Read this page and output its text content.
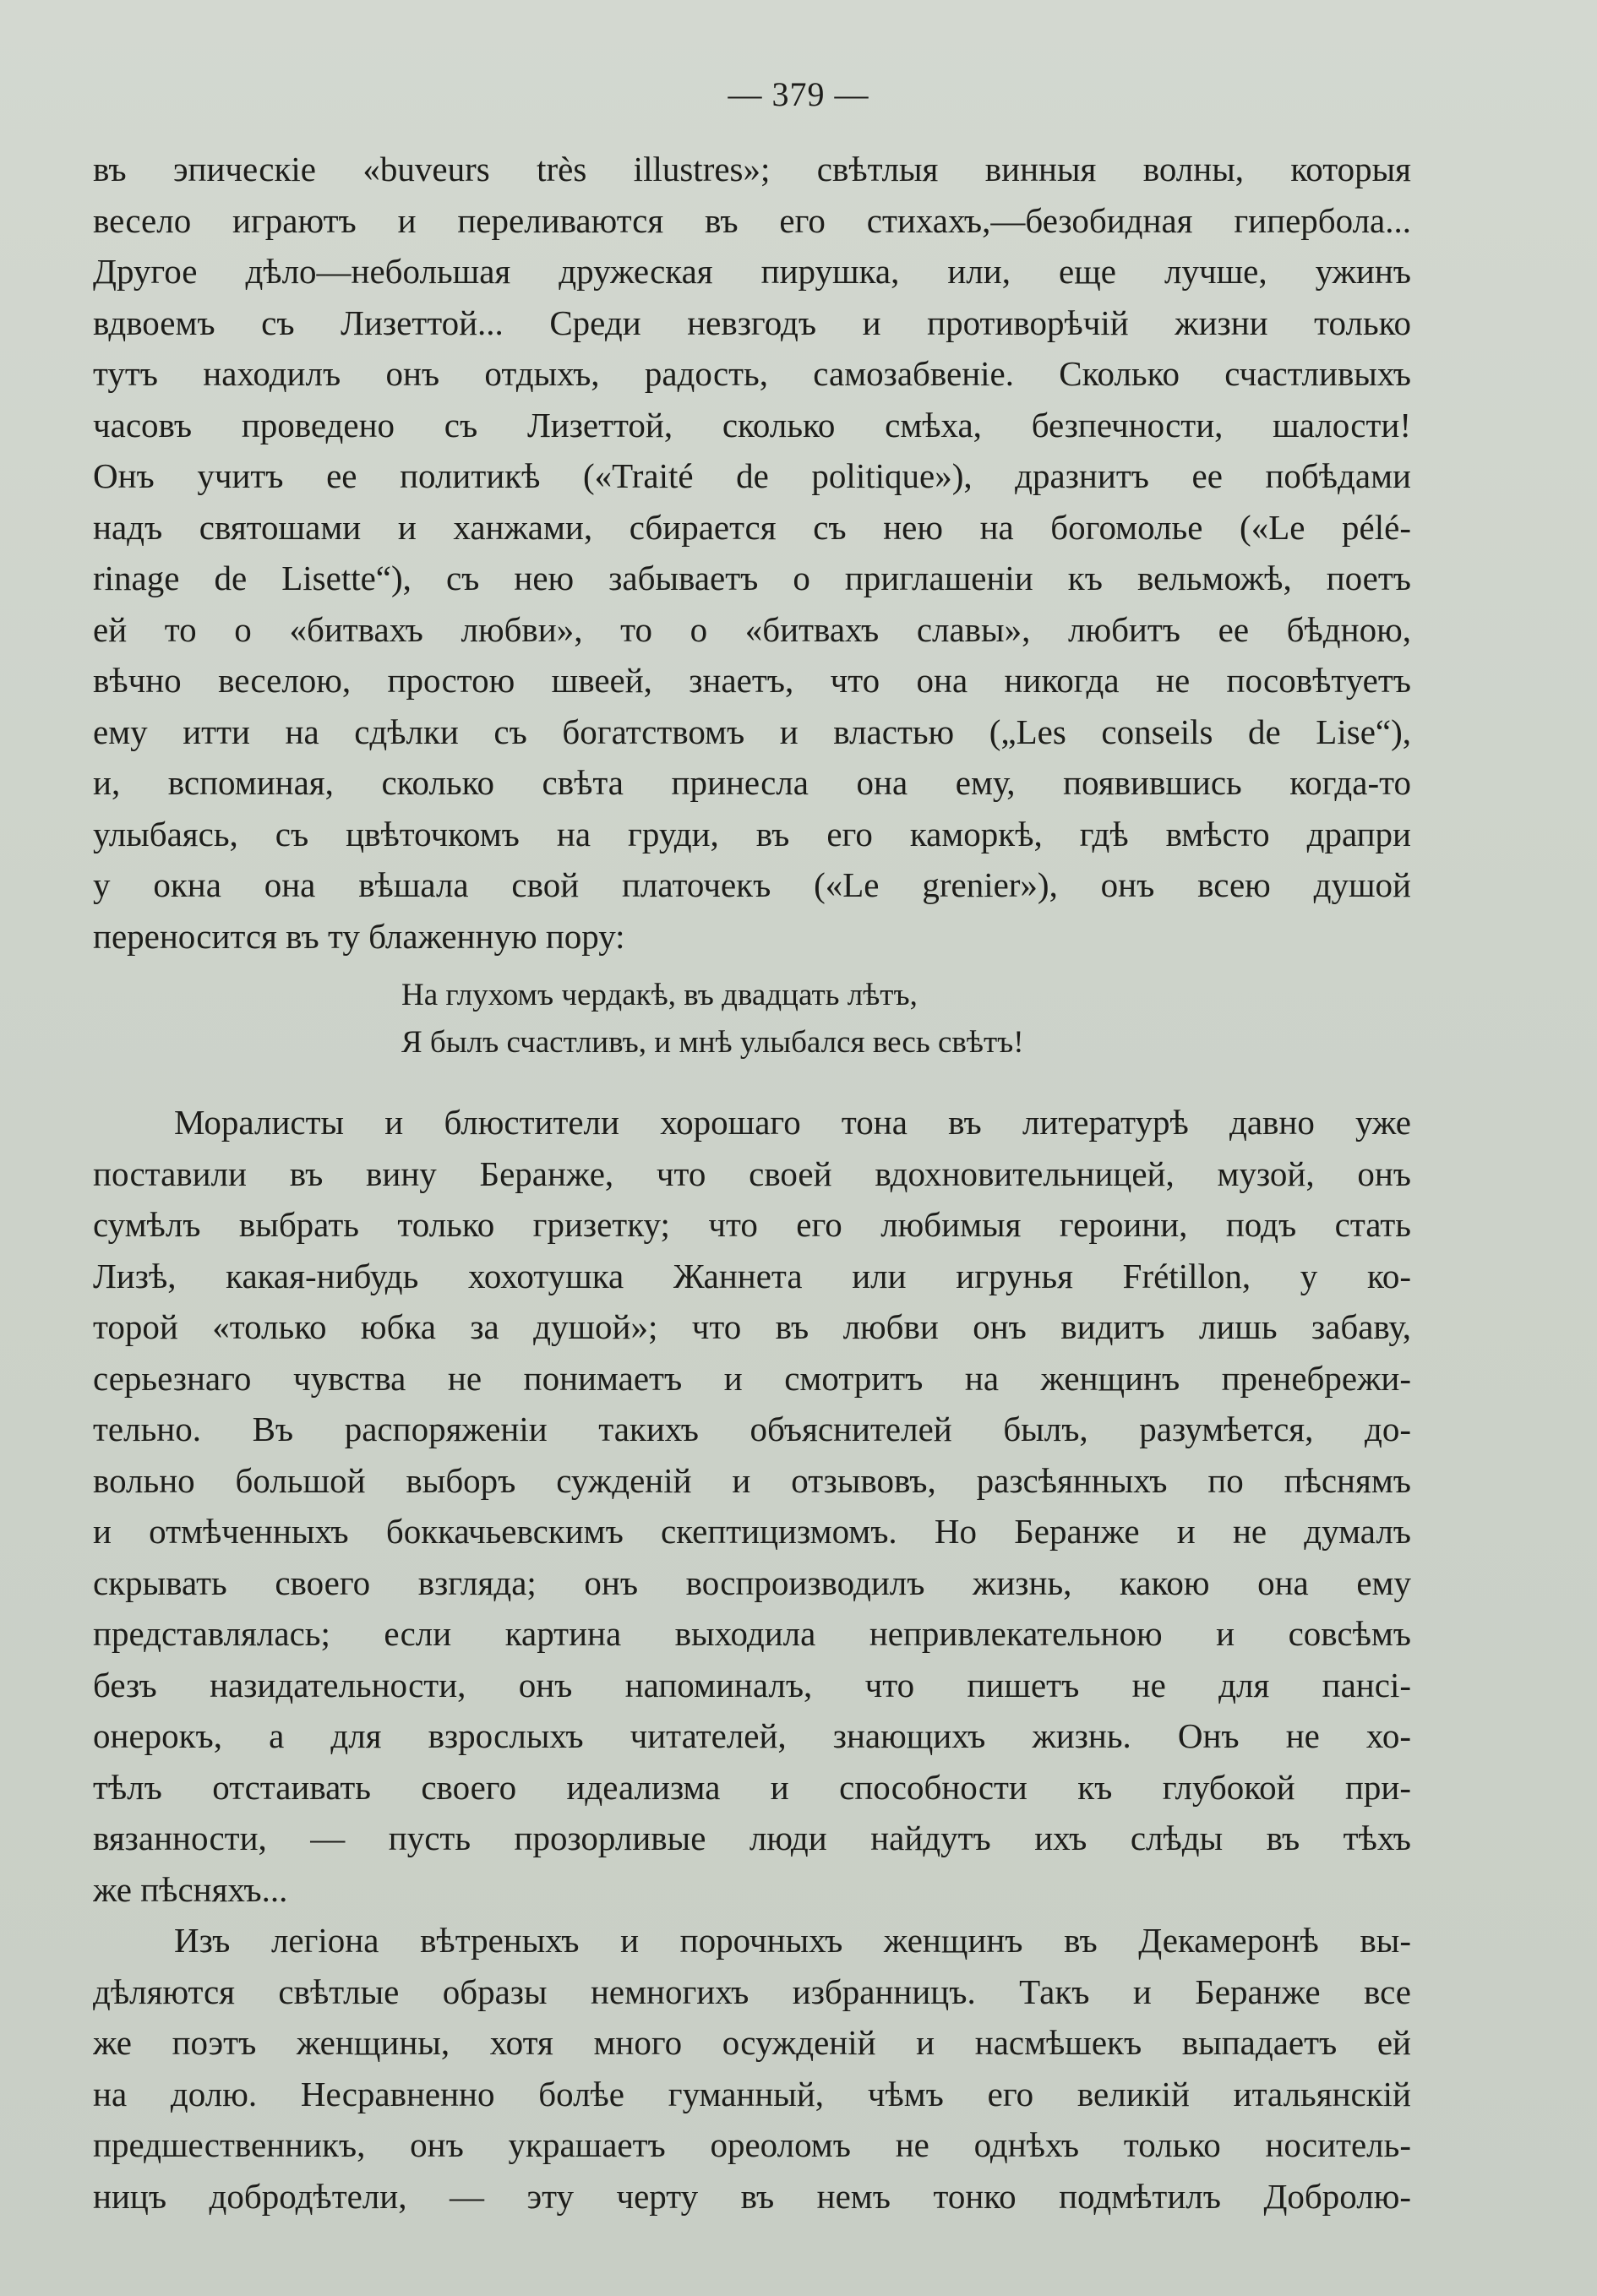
— 379 —

въ эпическіе «buveurs très illustres»; свѣтлыя винныя волны, которыя
весело играютъ и переливаются въ его стихахъ,—безобидная гипербола...
Другое дѣло—небольшая дружеская пирушка, или, еще лучше, ужинъ
вдвоемъ съ Лизеттой... Среди невзгодъ и противорѣчій жизни только
тутъ находилъ онъ отдыхъ, радость, самозабвеніе. Сколько счастливыхъ
часовъ проведено съ Лизеттой, сколько смѣха, безпечности, шалости!
Онъ учитъ ее политикѣ («Traité de politique»), дразнитъ ее побѣдами
надъ святошами и ханжами, сбирается съ нею на богомолье («Le pélé-
rinage de Lisette“), съ нею забываетъ о приглашеніи къ вельможѣ, поетъ
ей то о «битвахъ любви», то о «битвахъ славы», любитъ ее бѣдною,
вѣчно веселою, простою швеей, знаетъ, что она никогда не посовѣтуетъ
ему итти на сдѣлки съ богатствомъ и властью („Les conseils de Lise“),
и, вспоминая, сколько свѣта принесла она ему, появившись когда-то
улыбаясь, съ цвѣточкомъ на груди, въ его каморкѣ, гдѣ вмѣсто драпри
у окна она вѣшала свой платочекъ («Le grenier»), онъ всею душой
переносится въ ту блаженную пору:

На глухомъ чердакѣ, въ двадцать лѣтъ,
Я былъ счастливъ, и мнѣ улыбался весь свѣтъ!

Моралисты и блюстители хорошаго тона въ литературѣ давно уже
поставили въ вину Беранже, что своей вдохновительницей, музой, онъ
сумѣлъ выбрать только гризетку; что его любимыя героини, подъ стать
Лизѣ, какая-нибудь хохотушка Жаннета или игрунья Frétillon, у ко-
торой «только юбка за душой»; что въ любви онъ видитъ лишь забаву,
серьезнаго чувства не понимаетъ и смотритъ на женщинъ пренебрежи-
тельно. Въ распоряженіи такихъ объяснителей былъ, разумѣется, до-
вольно большой выборъ сужденій и отзывовъ, разсѣянныхъ по пѣснямъ
и отмѣченныхъ боккачьевскимъ скептицизмомъ. Но Беранже и не думалъ
скрывать своего взгляда; онъ воспроизводилъ жизнь, какою она ему
представлялась; если картина выходила непривлекательною и совсѣмъ
безъ назидательности, онъ напоминалъ, что пишетъ не для пансі-
онерокъ, а для взрослыхъ читателей, знающихъ жизнь. Онъ не хо-
тѣлъ отстаивать своего идеализма и способности къ глубокой при-
вязанности, — пусть прозорливые люди найдутъ ихъ слѣды въ тѣхъ
же пѣсняхъ...

Изъ легіона вѣтреныхъ и порочныхъ женщинъ въ Декамеронѣ вы-
дѣляются свѣтлые образы немногихъ избранницъ. Такъ и Беранже все
же поэтъ женщины, хотя много осужденій и насмѣшекъ выпадаетъ ей
на долю. Несравненно болѣе гуманный, чѣмъ его великій итальянскій
предшественникъ, онъ украшаетъ ореоломъ не однѣхъ только носитель-
ницъ добродѣтели, — эту черту въ немъ тонко подмѣтилъ Добролю-
